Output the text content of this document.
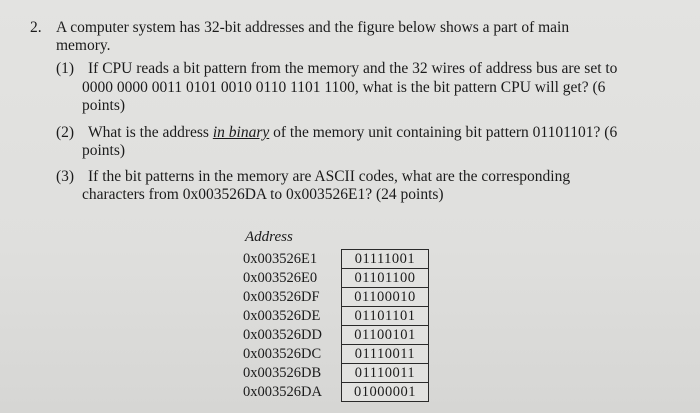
2. A computer system has 32-bit addresses and the figure below shows a part of main
memory.
(1) If CPU reads a bit pattern from the memory and the 32 wires of address bus are set to
0000 0000 0011 0101 0010 0110 1101 1100, what is the bit pattern CPU will get? (6
points)
(2) What is the address in binary of the memory unit containing bit pattern 01101101? (6
points)
(3) If the bit patterns in the memory are ASCII codes, what are the corresponding
characters from 0x003526DA to 0x003526E1? (24 points)
Address
0x003526E1	01111001
0x003526E0	01101100
0x003526DF	01100010
0x003526DE	01101101
0x003526DD	01100101
0x003526DC	01110011
0x003526DB	01110011
0x003526DA	01000001
